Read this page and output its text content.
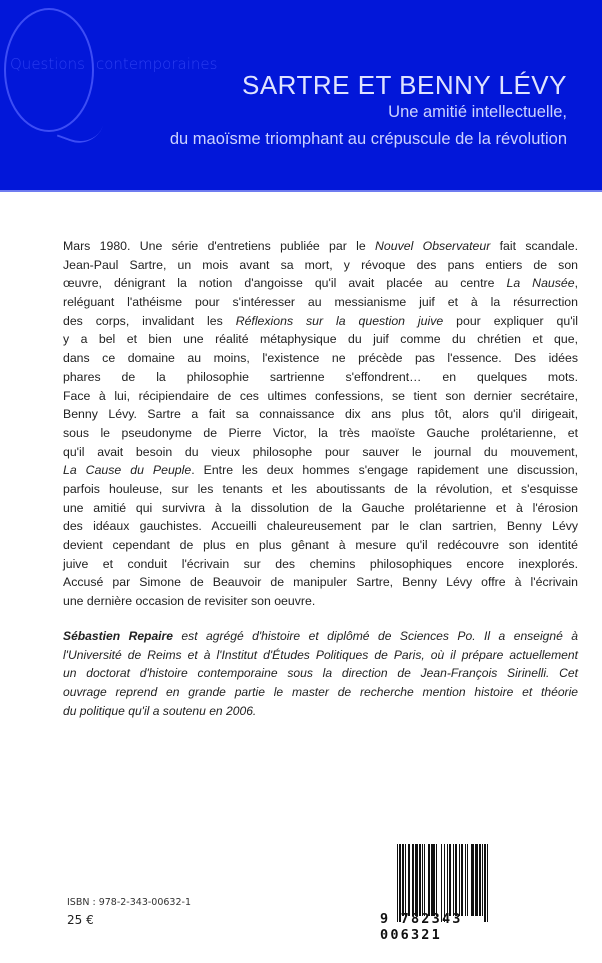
Questions contemporaines
SARTRE ET BENNY LÉVY
Une amitié intellectuelle,
du maoïsme triomphant au crépuscule de la révolution
Mars 1980. Une série d'entretiens publiée par le Nouvel Observateur fait scandale.
Jean-Paul Sartre, un mois avant sa mort, y révoque des pans entiers de son
œuvre, dénigrant la notion d'angoisse qu'il avait placée au centre La Nausée,
reléguant l'athéisme pour s'intéresser au messianisme juif et à la résurrection
des corps, invalidant les Réflexions sur la question juive pour expliquer qu'il
y a bel et bien une réalité métaphysique du juif comme du chrétien et que,
dans ce domaine au moins, l'existence ne précède pas l'essence. Des idées
phares de la philosophie sartrienne s'effondrent… en quelques mots.
Face à lui, récipiendaire de ces ultimes confessions, se tient son dernier secrétaire,
Benny Lévy. Sartre a fait sa connaissance dix ans plus tôt, alors qu'il dirigeait,
sous le pseudonyme de Pierre Victor, la très maoïste Gauche prolétarienne, et
qu'il avait besoin du vieux philosophe pour sauver le journal du mouvement,
La Cause du Peuple. Entre les deux hommes s'engage rapidement une discussion,
parfois houleuse, sur les tenants et les aboutissants de la révolution, et s'esquisse
une amitié qui survivra à la dissolution de la Gauche prolétarienne et à l'érosion
des idéaux gauchistes. Accueilli chaleureusement par le clan sartrien, Benny Lévy
devient cependant de plus en plus gênant à mesure qu'il redécouvre son identité
juive et conduit l'écrivain sur des chemins philosophiques encore inexplorés.
Accusé par Simone de Beauvoir de manipuler Sartre, Benny Lévy offre à l'écrivain
une dernière occasion de revisiter son oeuvre.
Sébastien Repaire est agrégé d'histoire et diplômé de Sciences Po. Il a enseigné à
l'Université de Reims et à l'Institut d'Études Politiques de Paris, où il prépare actuellement
un doctorat d'histoire contemporaine sous la direction de Jean-François Sirinelli. Cet
ouvrage reprend en grande partie le master de recherche mention histoire et théorie
du politique qu'il a soutenu en 2006.
ISBN : 978-2-343-00632-1
25 €	9 782343 006321
